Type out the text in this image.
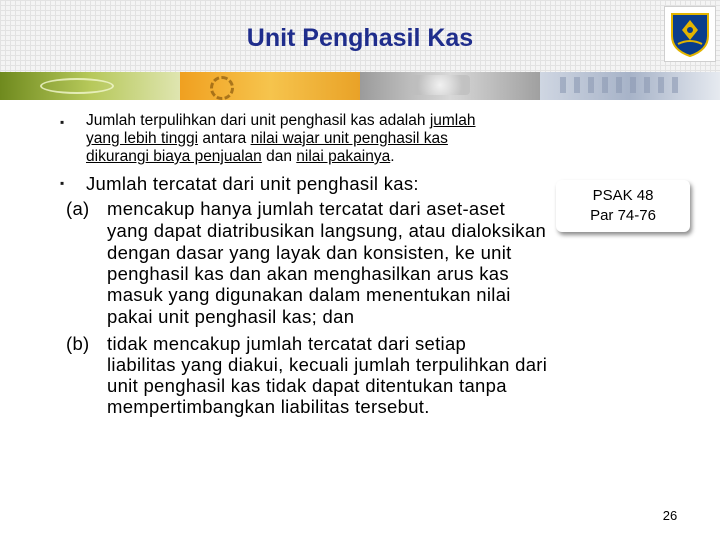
Unit Penghasil Kas
▪ Jumlah terpulihkan dari unit penghasil kas adalah jumlah
yang lebih tinggi antara nilai wajar unit penghasil kas
dikurangi biaya penjualan dan nilai pakainya.
▪ Jumlah tercatat dari unit penghasil kas:
(a) mencakup hanya jumlah tercatat dari aset-aset
yang dapat diatribusikan langsung, atau dialoksikan
dengan dasar yang layak dan konsisten, ke unit
penghasil kas dan akan menghasilkan arus kas
masuk yang digunakan dalam menentukan nilai
pakai unit penghasil kas; dan
(b) tidak mencakup jumlah tercatat dari setiap
liabilitas yang diakui, kecuali jumlah terpulihkan dari
unit penghasil kas tidak dapat ditentukan tanpa
mempertimbangkan liabilitas tersebut.
PSAK 48
Par 74-76
26
